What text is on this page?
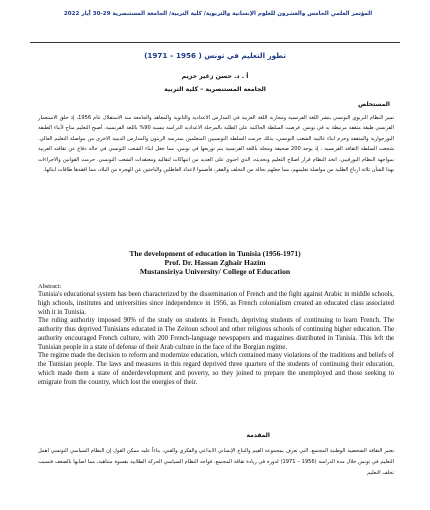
المؤتمر العلمي الخامس والعشرون للعلوم الإنسانية والتربوية/ كلية التربية/ الجامعة المستنصرية 29-30 آيار 2022
تطور التعليم في تونس ( 1956 – 1971)
أ . د. حسن زغير حزيم
الجامعة المستنصرية – كلية التربية
المستخلص
تميز النظام التربوي التونسي بنشر اللغة الفرنسية ومحاربة اللغة العربية في المدارس الاعدادية والثانوية والمعاهد والجامعة منذ الاستقلال عام 1956، إذ خلق الاستعمار الفرنسي طبقة مثقفة مرتبطة به في تونس. فرضت السلطة الحاكمة على الطلبة بالمرحلة الاعدادية الدراسة بنسبة 90% باللغة الفرنسية. أصبح التعليم متاح لأبناء الطبقة البورجوازية والمثقفة وحرم ابناء غالبية الشعب التونسي، بذلك حرمت السلطة التونسيين المتعلمين بمدرسة الزيتون والمدارس الدينية الاخرى من مواصلة التعليم العالي. شجعت السلطة الثقافة الفرنسية ، إذ يوجد 200 صحيفة ومجلة باللغة الفرنسية يتم توزيعها في تونس، مما جعل ابناء الشعب التونسي في حالة دفاع عن ثقافته العربية بمواجهة النظام البورقيبي. اتخذ النظام قرار اصلاح التعليم وتحديثه، الذي احتوى على العديد من انتهاكات لتقاليد ومعتقدات الشعب التونسي. حرمت القوانين والاجراءات بهذا الشأن ثلاثة ارباع الطلبة من مواصلة تعليمهم، مما جعلهم بحالة من التخلف والفقر، فأضموا لاعداد العاطلين والباحثين عن الهجرة من البلاد، مما افقدها طاقات ابنائها.
The development of education in Tunisia (1956-1971)
Prof. Dr. Hassan Zghair Hazim
Mustansiriya University/ College of Education
Abstract:

Tunisia's educational system has been characterized by the dissemination of French and the fight against Arabic in middle schools, high schools, institutes and universities since independence in 1956, as French colonialism created an educated class associated with it in Tunisia.

The ruling authority imposed 90% of the study on students in French, depriving students of continuing to learn French. The authority thus deprived Tunisians educated in The Zeitoun school and other religious schools of continuing higher education. The authority encouraged French culture, with 200 French-language newspapers and magazines distributed in Tunisia. This left the Tunisian people in a state of defense of their Arab culture in the face of the Borgian regime.

The regime made the decision to reform and modernize education, which contained many violations of the traditions and beliefs of the Tunisian people. The laws and measures in this regard deprived three quarters of the students of continuing their education, which made them a state of underdevelopment and poverty, so they joined to prepare the unemployed and those seeking to emigrate from the country, which lost the energies of their.

المقدمة
تعتبر الثقافة الشخصية الوطنية المجتمع، التي تعرف بمجموعة القيم والنتاج الإنساني الابداعي والفكري والفني، بناءاً عليه ممكن القول إن النظام السياسي التونسي اهمل التعليم في تونس خلال مدة الدراسة (1956 – 1971) لدوره في زيادة ثقافة المجتمع. فواجه النظام السياسي الحركة الطلابية بقسوة متناهية، مما اصابها بالضعف فتسبب تخلف التعليم
